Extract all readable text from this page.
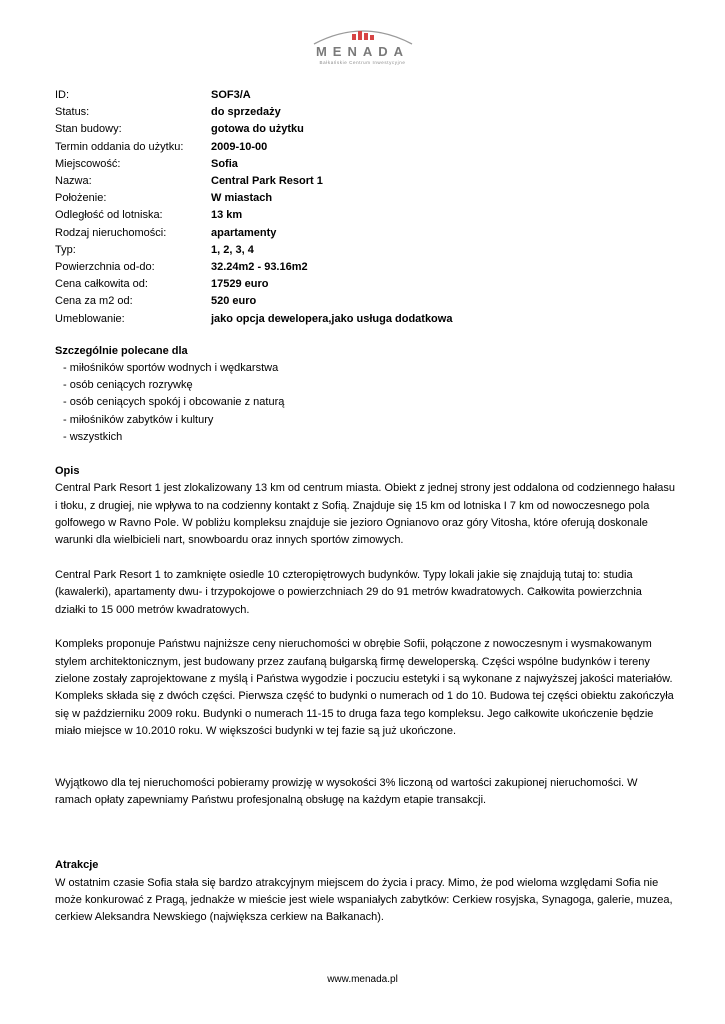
MENADA
Bałkańskie Centrum Inwestycyjne
ID:	SOF3/A
Status:	do sprzedaży
Stan budowy:	gotowa do użytku
Termin oddania do użytku:	2009-10-00
Miejscowość:	Sofia
Nazwa:	Central Park Resort 1
Położenie:	W miastach
Odległość od lotniska:	13 km
Rodzaj nieruchomości:	apartamenty
Typ:	1, 2, 3, 4
Powierzchnia od-do:	32.24m2 - 93.16m2
Cena całkowita od:	17529 euro
Cena za m2 od:	520 euro
Umeblowanie:	jako opcja dewelopera,jako usługa dodatkowa
Szczególnie polecane dla
- miłośników sportów wodnych i wędkarstwa
- osób ceniących rozrywkę
- osób ceniących spokój i obcowanie z naturą
- miłośników zabytków i kultury
- wszystkich
Opis

Central Park Resort 1 jest zlokalizowany 13 km od centrum miasta. Obiekt z jednej strony jest oddalona od codziennego hałasu i tłoku, z drugiej, nie wpływa to na codzienny kontakt z Sofią. Znajduje się 15 km od lotniska I 7 km od nowoczesnego pola golfowego w Ravno Pole. W pobliżu kompleksu znajduje sie jezioro Ognianovo oraz góry Vitosha, które oferują doskonale warunki dla wielbicieli nart, snowboardu oraz innych sportów zimowych.

Central Park Resort 1 to zamknięte osiedle 10 czteropiętrowych budynków. Typy lokali jakie się znajdują tutaj to: studia (kawalerki), apartamenty dwu- i trzypokojowe o powierzchniach 29 do 91 metrów kwadratowych. Całkowita powierzchnia działki to 15 000 metrów kwadratowych.

Kompleks proponuje Państwu najniższe ceny nieruchomości w obrębie Sofii, połączone z nowoczesnym i wysmakowanym stylem architektonicznym, jest budowany przez zaufaną bułgarską firmę deweloperską. Części wspólne budynków i tereny zielone zostały zaprojektowane z myślą i Państwa wygodzie i poczuciu estetyki i są wykonane z najwyższej jakości materiałów.

Kompleks składa się z dwóch części. Pierwsza część to budynki o numerach od 1 do 10. Budowa tej części obiektu zakończyła się w październiku 2009 roku. Budynki o numerach 11-15 to druga faza tego kompleksu. Jego całkowite ukończenie będzie miało miejsce w 10.2010 roku. W większości budynki w tej fazie są już ukończone.

Wyjątkowo dla tej nieruchomości pobieramy prowizję w wysokości 3% liczoną od wartości zakupionej nieruchomości. W ramach opłaty zapewniamy Państwu profesjonalną obsługę na każdym etapie transakcji.

Atrakcje

W ostatnim czasie Sofia stała się bardzo atrakcyjnym miejscem do życia i pracy. Mimo, że pod wieloma względami Sofia nie może konkurować z Pragą, jednakże w mieście jest wiele wspaniałych zabytków: Cerkiew rosyjska, Synagoga, galerie, muzea, cerkiew Aleksandra Newskiego (największa cerkiew na Bałkanach).

www.menada.pl
